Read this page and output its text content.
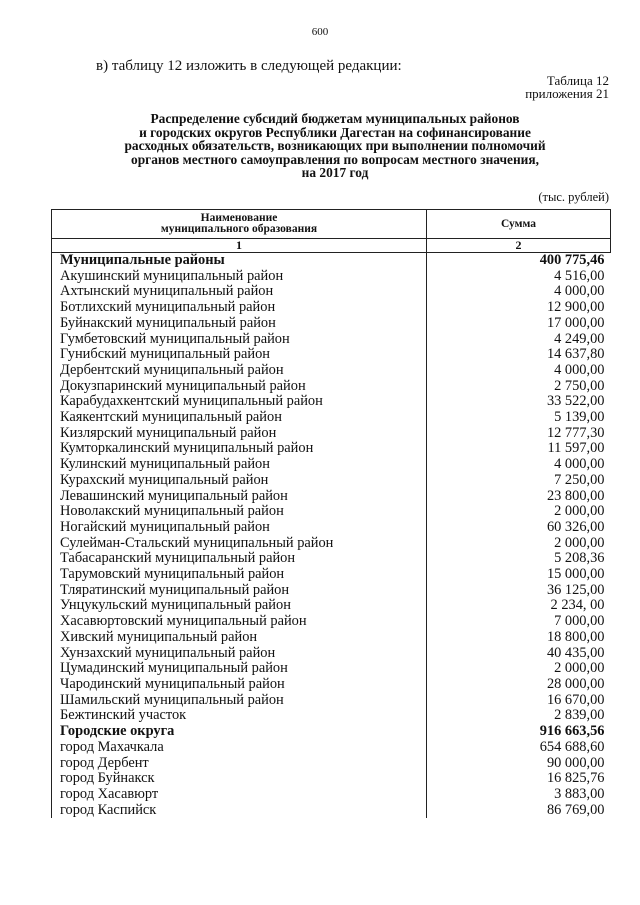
600
в) таблицу 12 изложить в следующей редакции:
Таблица 12
приложения 21
Распределение субсидий бюджетам муниципальных районов
и городских округов Республики Дагестан на софинансирование
расходных обязательств, возникающих при выполнении полномочий
органов местного самоуправления по вопросам местного значения,
на 2017 год
(тыс. рублей)
Наименование
муниципального образования	Сумма
1	2
Муниципальные районы	400 775,46
Акушинский муниципальный район	4 516,00
Ахтынский муниципальный район	4 000,00
Ботлихский муниципальный район	12 900,00
Буйнакский муниципальный район	17 000,00
Гумбетовский муниципальный район	4 249,00
Гунибский муниципальный район	14 637,80
Дербентский муниципальный район	4 000,00
Докузпаринский муниципальный район	2 750,00
Карабудахкентский муниципальный район	33 522,00
Каякентский муниципальный район	5 139,00
Кизлярский муниципальный район	12 777,30
Кумторкалинский муниципальный район	11 597,00
Кулинский муниципальный район	4 000,00
Курахский муниципальный район	7 250,00
Левашинский муниципальный район	23 800,00
Новолакский муниципальный район	2 000,00
Ногайский муниципальный район	60 326,00
Сулейман-Стальский муниципальный район	2 000,00
Табасаранский муниципальный район	5 208,36
Тарумовский муниципальный район	15 000,00
Тляратинский муниципальный район	36 125,00
Унцукульский муниципальный район	2 234, 00
Хасавюртовский муниципальный район	7 000,00
Хивский муниципальный район	18 800,00
Хунзахский муниципальный район	40 435,00
Цумадинский муниципальный район	2 000,00
Чародинский муниципальный район	28 000,00
Шамильский муниципальный район	16 670,00
Бежтинский участок	2 839,00
Городские округа	916 663,56
город Махачкала	654 688,60
город Дербент	90 000,00
город Буйнакск	16 825,76
город Хасавюрт	3 883,00
город Каспийск	86 769,00
